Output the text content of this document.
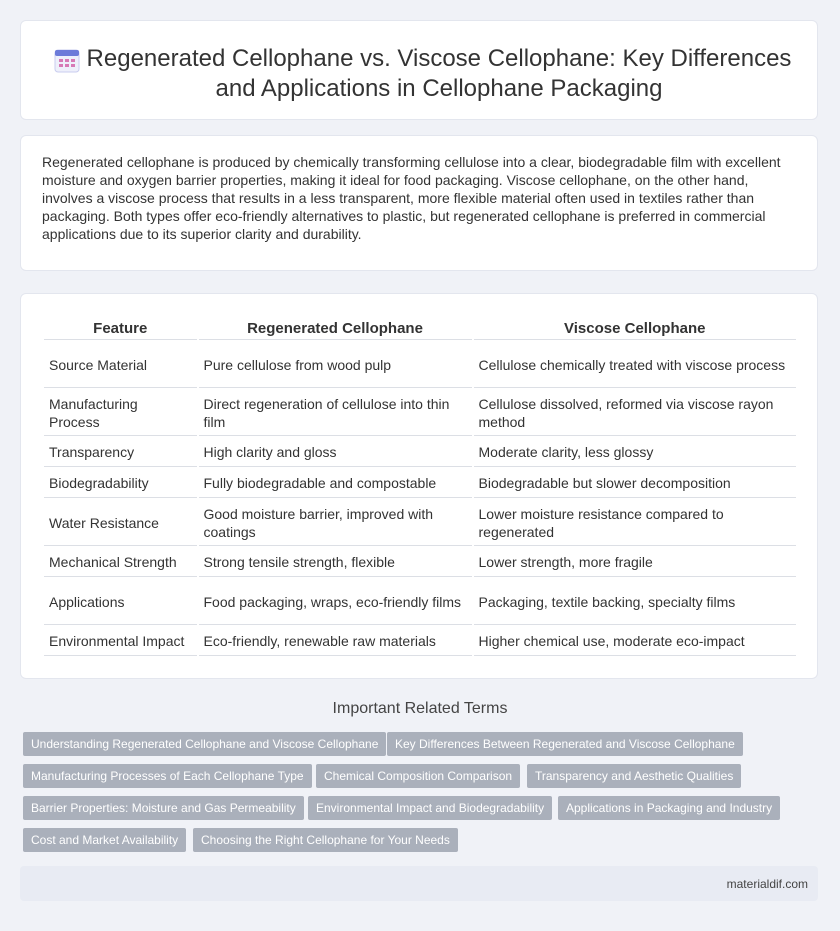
Regenerated Cellophane vs. Viscose Cellophane: Key Differences and Applications in Cellophane Packaging

Regenerated cellophane is produced by chemically transforming cellulose into a clear, biodegradable film with excellent moisture and oxygen barrier properties, making it ideal for food packaging. Viscose cellophane, on the other hand, involves a viscose process that results in a less transparent, more flexible material often used in textiles rather than packaging. Both types offer eco-friendly alternatives to plastic, but regenerated cellophane is preferred in commercial applications due to its superior clarity and durability.

Feature	Regenerated Cellophane	Viscose Cellophane
Source Material	Pure cellulose from wood pulp	Cellulose chemically treated with viscose process
Manufacturing Process	Direct regeneration of cellulose into thin film	Cellulose dissolved, reformed via viscose rayon method
Transparency	High clarity and gloss	Moderate clarity, less glossy
Biodegradability	Fully biodegradable and compostable	Biodegradable but slower decomposition
Water Resistance	Good moisture barrier, improved with coatings	Lower moisture resistance compared to regenerated
Mechanical Strength	Strong tensile strength, flexible	Lower strength, more fragile
Applications	Food packaging, wraps, eco-friendly films	Packaging, textile backing, specialty films
Environmental Impact	Eco-friendly, renewable raw materials	Higher chemical use, moderate eco-impact
Important Related Terms
Understanding Regenerated Cellophane and Viscose Cellophane	Key Differences Between Regenerated and Viscose Cellophane
Manufacturing Processes of Each Cellophane Type	Chemical Composition Comparison	Transparency and Aesthetic Qualities
Barrier Properties: Moisture and Gas Permeability	Environmental Impact and Biodegradability	Applications in Packaging and Industry
Cost and Market Availability	Choosing the Right Cellophane for Your Needs
materialdif.com
